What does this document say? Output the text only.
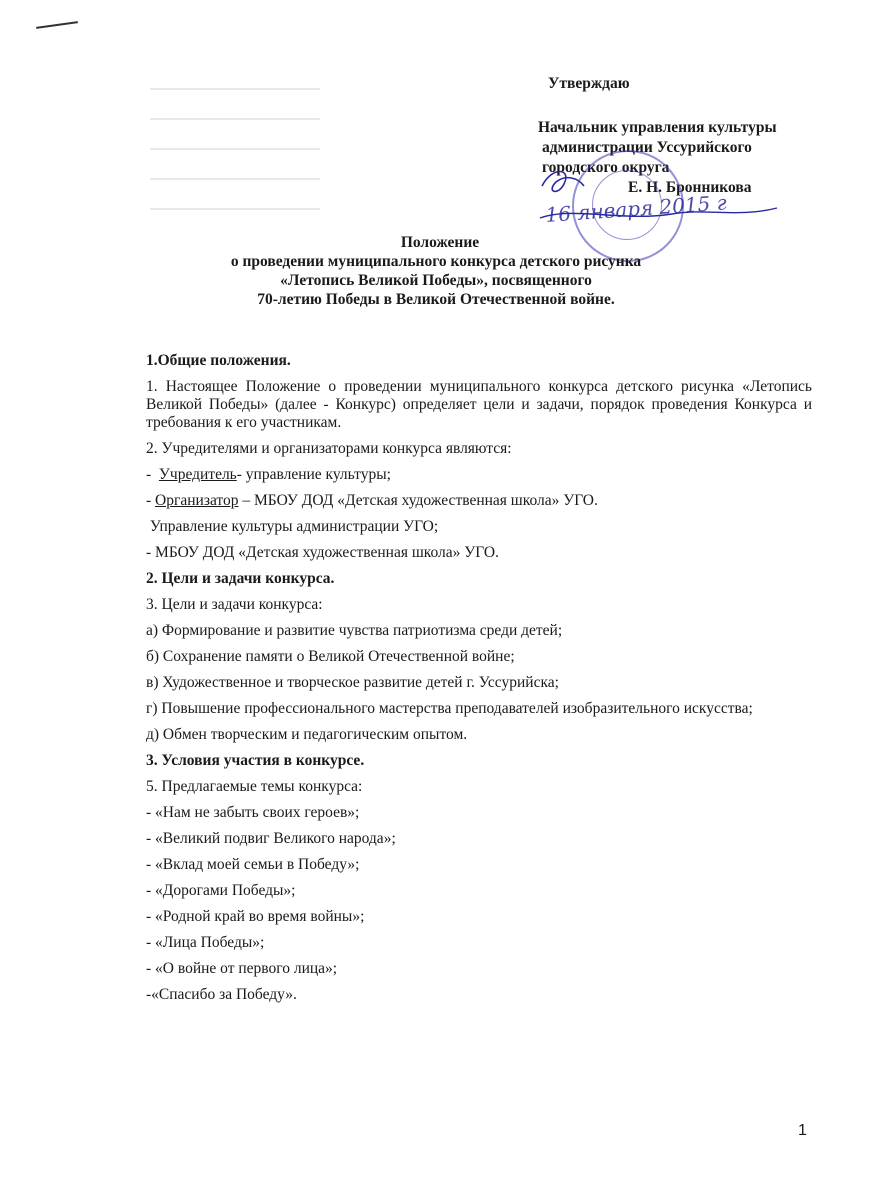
Утверждаю
Начальник управления культуры
администрации Уссурийского
городского округа
Е. Н. Бронникова
16 января 2015 г
Положение
о проведении муниципального конкурса детского рисунка
«Летопись Великой Победы», посвященного
70-летию Победы в Великой Отечественной войне.

1.Общие положения.

1. Настоящее Положение о проведении муниципального конкурса детского рисунка «Летопись Великой Победы» (далее - Конкурс) определяет цели и задачи, порядок проведения Конкурса и требования к его участникам.

2. Учредителями и организаторами конкурса являются:

-  Учредитель- управление культуры;

- Организатор – МБОУ ДОД «Детская художественная школа» УГО.

Управление культуры администрации УГО;

- МБОУ ДОД «Детская художественная школа» УГО.

2. Цели и задачи конкурса.

3. Цели и задачи конкурса:

а) Формирование и развитие чувства патриотизма среди детей;

б) Сохранение памяти о Великой Отечественной войне;

в) Художественное и творческое развитие детей г. Уссурийска;

г) Повышение профессионального мастерства преподавателей изобразительного искусства;

д) Обмен творческим и педагогическим опытом.

3. Условия участия в конкурсе.

5. Предлагаемые темы конкурса:

- «Нам не забыть своих героев»;

- «Великий подвиг Великого народа»;

- «Вклад моей семьи в Победу»;

- «Дорогами Победы»;

- «Родной край во время войны»;

- «Лица Победы»;

- «О войне от первого лица»;

-«Спасибо за Победу».

1
